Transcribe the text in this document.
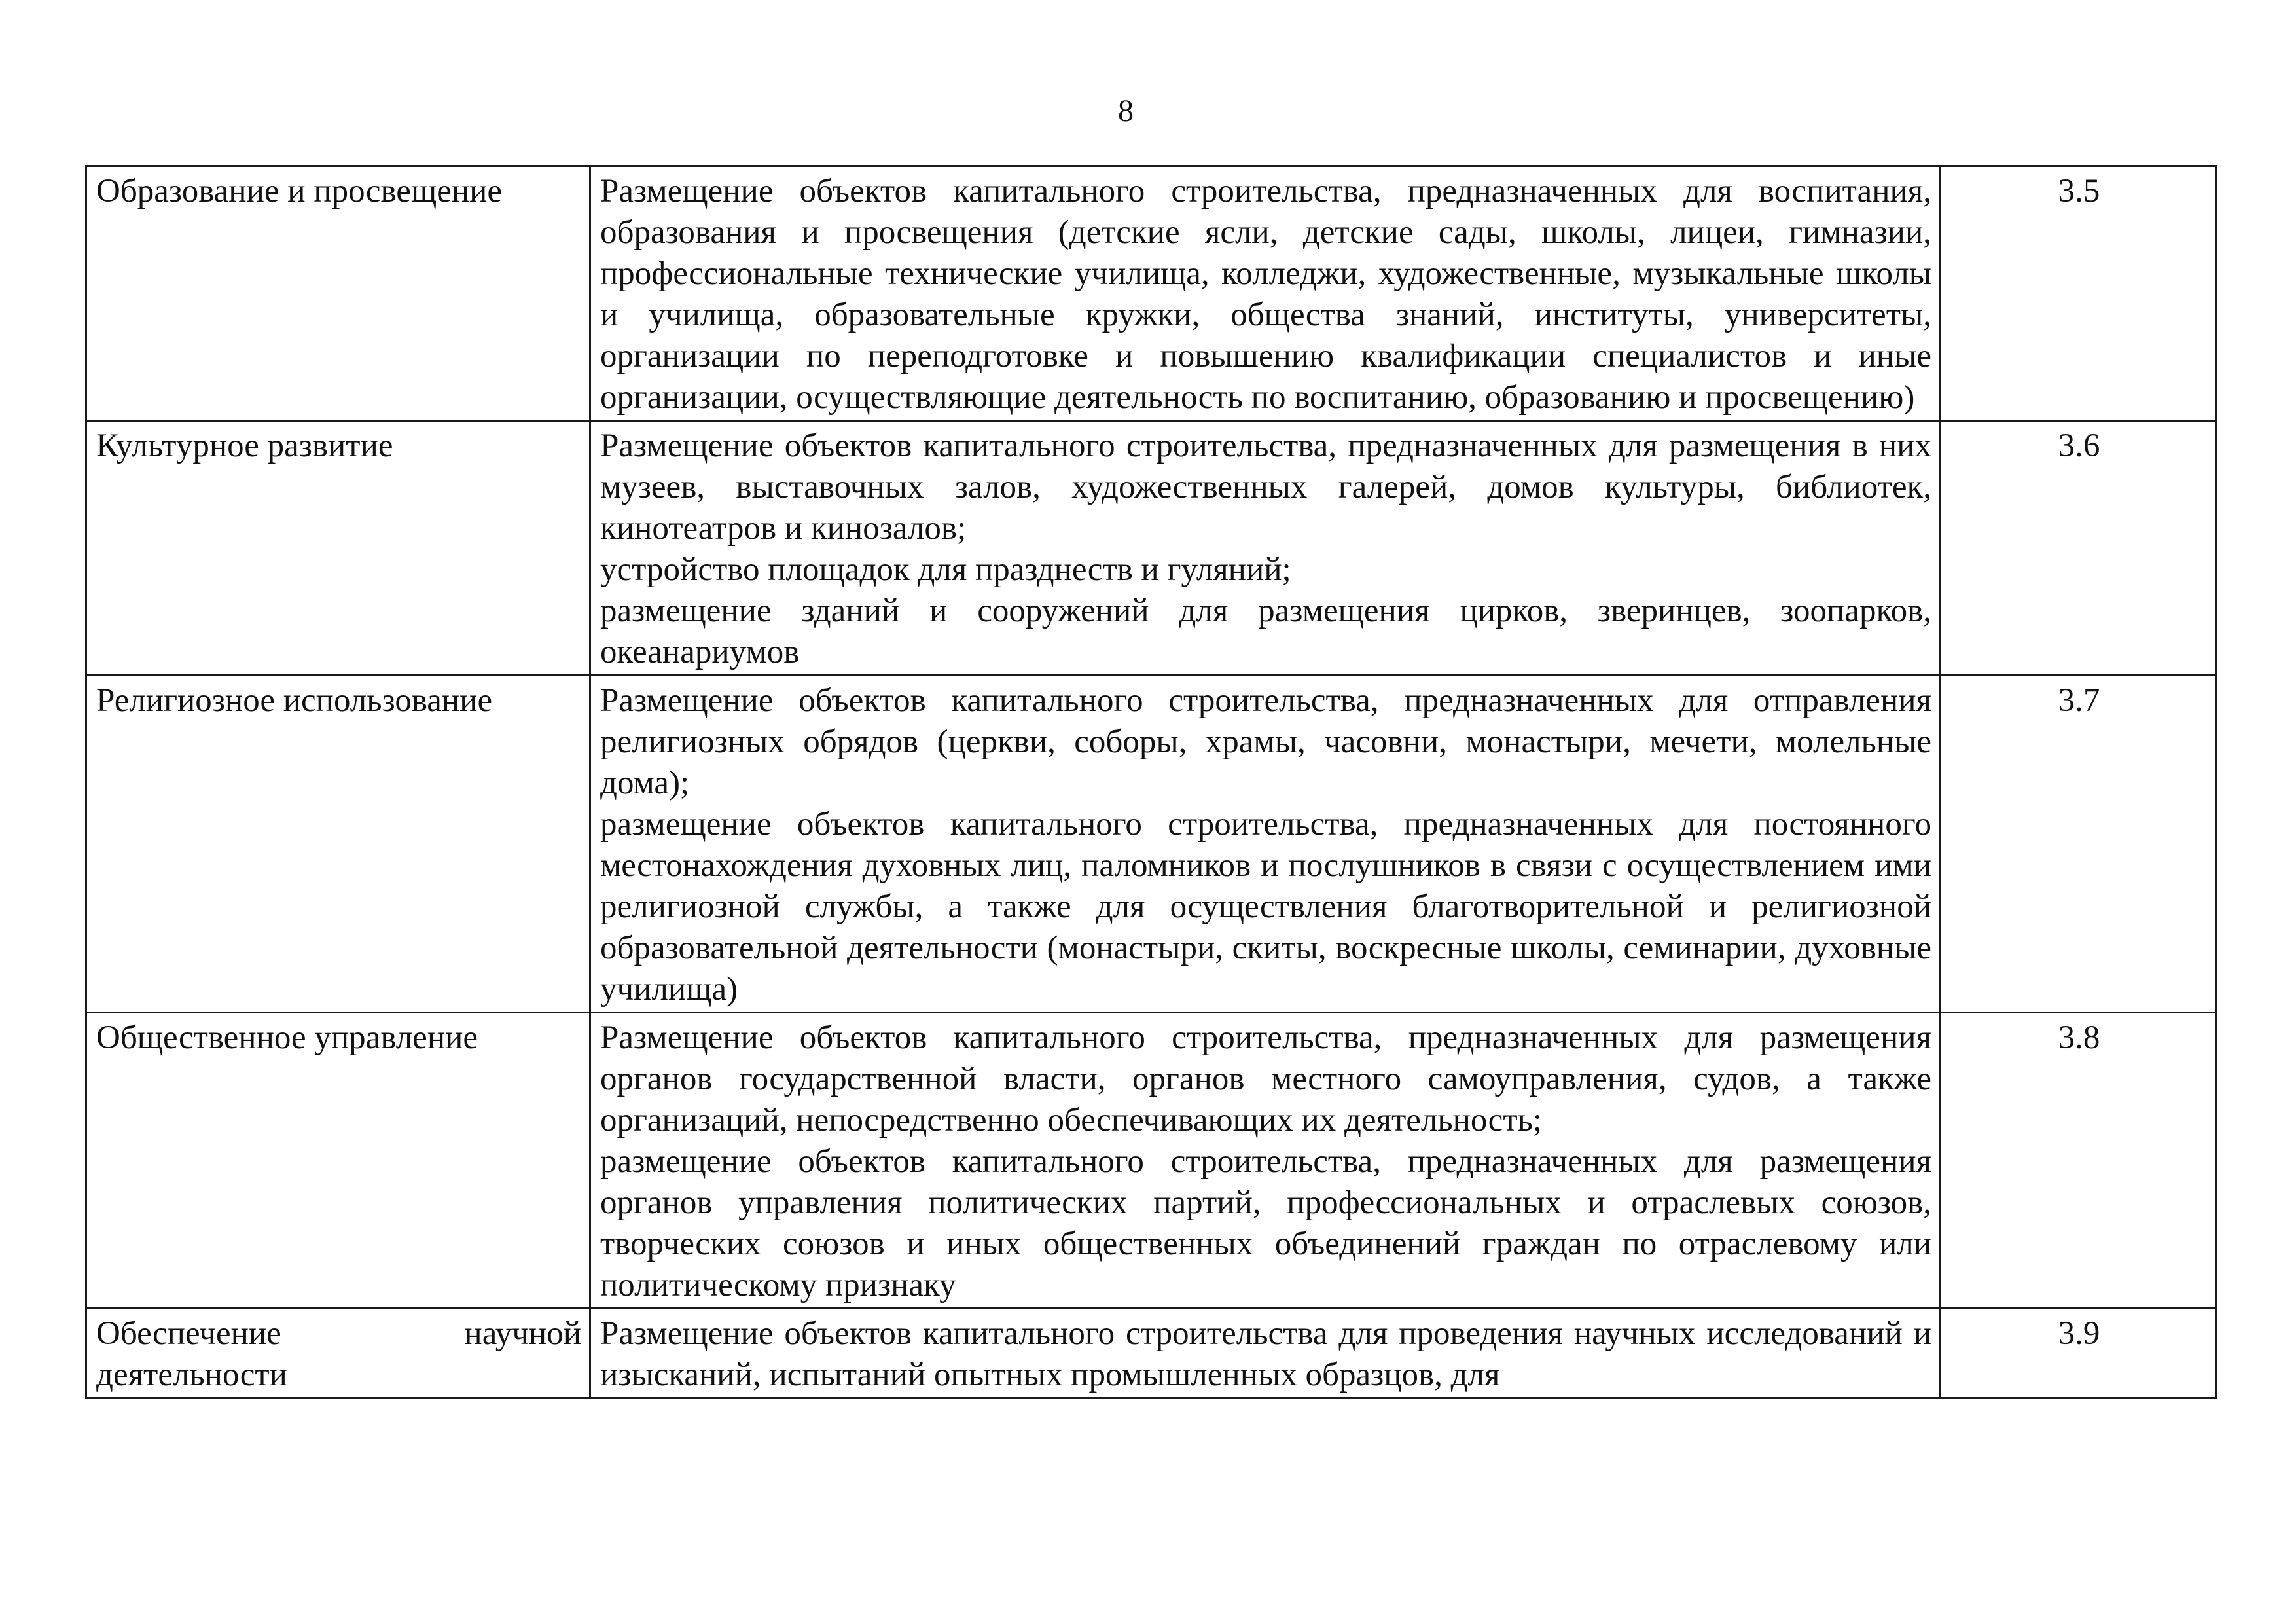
8
Образование и просвещение	Размещение объектов капитального строительства, предназначенных для воспитания, образования и просвещения (детские ясли, детские сады, школы, лицеи, гимназии, профессиональные технические училища, колледжи, художественные, музыкальные школы и училища, образовательные кружки, общества знаний, институты, университеты, организации по переподготовке и повышению квалификации специалистов и иные организации, осуществляющие деятельность по воспитанию, образованию и просвещению)	3.5
Культурное развитие	Размещение объектов капитального строительства, предназначенных для размещения в них музеев, выставочных залов, художественных галерей, домов культуры, библиотек, кинотеатров и кинозалов;
устройство площадок для празднеств и гуляний;
размещение зданий и сооружений для размещения цирков, зверинцев, зоопарков, океанариумов	3.6
Религиозное использование	Размещение объектов капитального строительства, предназначенных для отправления религиозных обрядов (церкви, соборы, храмы, часовни, монастыри, мечети, молельные дома);
размещение объектов капитального строительства, предназначенных для постоянного местонахождения духовных лиц, паломников и послушников в связи с осуществлением ими религиозной службы, а также для осуществления благотворительной и религиозной образовательной деятельности (монастыри, скиты, воскресные школы, семинарии, духовные училища)	3.7
Общественное управление	Размещение объектов капитального строительства, предназначенных для размещения органов государственной власти, органов местного самоуправления, судов, а также организаций, непосредственно обеспечивающих их деятельность;
размещение объектов капитального строительства, предназначенных для размещения органов управления политических партий, профессиональных и отраслевых союзов, творческих союзов и иных общественных объединений граждан по отраслевому или политическому признаку	3.8
Обеспечение научной деятельности	Размещение объектов капитального строительства для проведения научных исследований и изысканий, испытаний опытных промышленных образцов, для	3.9
